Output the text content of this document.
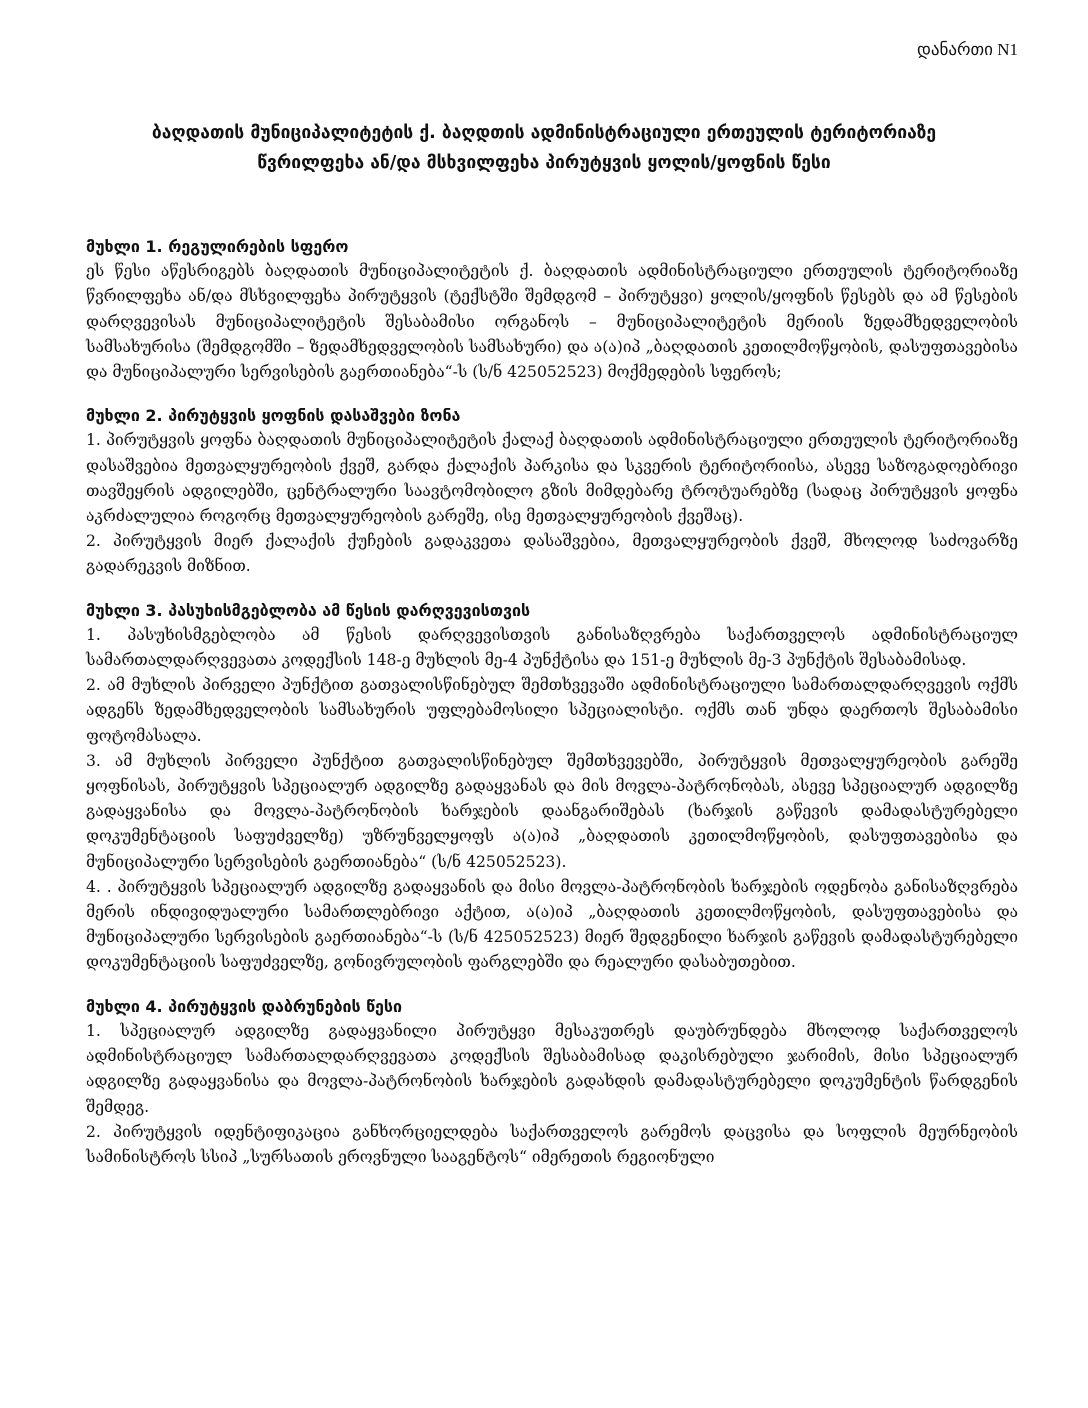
დანართი N1
ბაღდათის მუნიციპალიტეტის ქ. ბაღდთის ადმინისტრაციული ერთეულის ტერიტორიაზე
წვრილფეხა ან/და მსხვილფეხა პირუტყვის ყოლის/ყოფნის წესი
მუხლი 1. რეგულირების სფერო

ეს წესი აწესრიგებს ბაღდათის მუნიციპალიტეტის ქ. ბაღდათის ადმინისტრაციული ერთეულის ტერიტორიაზე წვრილფეხა ან/და მსხვილფეხა პირუტყვის (ტექსტში შემდგომ – პირუტყვი) ყოლის/ყოფნის წესებს და ამ წესების დარღვევისას მუნიციპალიტეტის შესაბამისი ორგანოს – მუნიციპალიტეტის მერიის ზედამხედველობის სამსახურისა (შემდგომში – ზედამხედველობის სამსახური) და ა(ა)იპ „ბაღდათის კეთილმოწყობის, დასუფთავებისა და მუნიციპალური სერვისების გაერთიანება“-ს (ს/ნ 425052523) მოქმედების სფეროს;

მუხლი 2. პირუტყვის ყოფნის დასაშვები ზონა

1. პირუტყვის ყოფნა ბაღდათის მუნიციპალიტეტის ქალაქ ბაღდათის ადმინისტრაციული ერთეულის ტერიტორიაზე დასაშვებია მეთვალყურეობის ქვეშ, გარდა ქალაქის პარკისა და სკვერის ტერიტორიისა, ასევე საზოგადოებრივი თავშეყრის ადგილებში, ცენტრალური საავტომობილო გზის მიმდებარე ტროტუარებზე (სადაც პირუტყვის ყოფნა აკრძალულია როგორც მეთვალყურეობის გარეშე, ისე მეთვალყურეობის ქვეშაც).

2. პირუტყვის მიერ ქალაქის ქუჩების გადაკვეთა დასაშვებია, მეთვალყურეობის ქვეშ, მხოლოდ საძოვარზე გადარეკვის მიზნით.

მუხლი 3. პასუხისმგებლობა ამ წესის დარღვევისთვის

1. პასუხისმგებლობა ამ წესის დარღვევისთვის განისაზღვრება საქართველოს ადმინისტრაციულ სამართალდარღვევათა კოდექსის 148-ე მუხლის მე-4 პუნქტისა და 151-ე მუხლის მე-3 პუნქტის შესაბამისად.

2. ამ მუხლის პირველი პუნქტით გათვალისწინებულ შემთხვევაში ადმინისტრაციული სამართალდარღვევის ოქმს ადგენს ზედამხედველობის სამსახურის უფლებამოსილი სპეციალისტი. ოქმს თან უნდა დაერთოს შესაბამისი ფოტომასალა.

3. ამ მუხლის პირველი პუნქტით გათვალისწინებულ შემთხვევებში, პირუტყვის მეთვალყურეობის გარეშე ყოფნისას, პირუტყვის სპეციალურ ადგილზე გადაყვანას და მის მოვლა-პატრონობას, ასევე სპეციალურ ადგილზე გადაყვანისა და მოვლა-პატრონობის ხარჯების დაანგარიშებას (ხარჯის გაწევის დამადასტურებელი დოკუმენტაციის საფუძველზე) უზრუნველყოფს ა(ა)იპ „ბაღდათის კეთილმოწყობის, დასუფთავებისა და მუნიციპალური სერვისების გაერთიანება“ (ს/ნ 425052523).

4. . პირუტყვის სპეციალურ ადგილზე გადაყვანის და მისი მოვლა-პატრონობის ხარჯების ოდენობა განისაზღვრება მერის ინდივიდუალური სამართლებრივი აქტით, ა(ა)იპ „ბაღდათის კეთილმოწყობის, დასუფთავებისა და მუნიციპალური სერვისების გაერთიანება“-ს (ს/ნ 425052523) მიერ შედგენილი ხარჯის გაწევის დამადასტურებელი დოკუმენტაციის საფუძველზე, გონივრულობის ფარგლებში და რეალური დასაბუთებით.

მუხლი 4. პირუტყვის დაბრუნების წესი

1. სპეციალურ ადგილზე გადაყვანილი პირუტყვი მესაკუთრეს დაუბრუნდება მხოლოდ საქართველოს ადმინისტრაციულ სამართალდარღვევათა კოდექსის შესაბამისად დაკისრებული ჯარიმის, მისი სპეციალურ ადგილზე გადაყვანისა და მოვლა-პატრონობის ხარჯების გადახდის დამადასტურებელი დოკუმენტის წარდგენის შემდეგ.

2. პირუტყვის იდენტიფიკაცია განხორციელდება საქართველოს გარემოს დაცვისა და სოფლის მეურნეობის სამინისტროს სსიპ „სურსათის ეროვნული სააგენტოს“ იმერეთის რეგიონული
